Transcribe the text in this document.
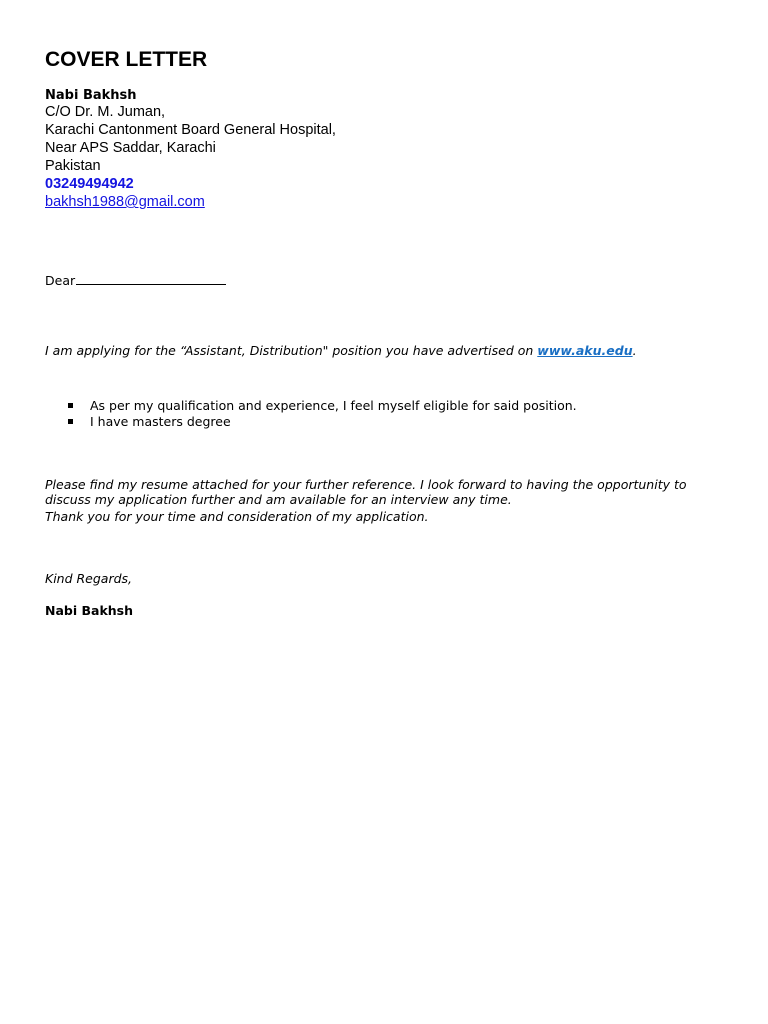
COVER LETTER
Nabi Bakhsh
C/O Dr. M. Juman,
Karachi Cantonment Board General Hospital,
Near APS Saddar, Karachi
Pakistan
03249494942
bakhsh1988@gmail.com
Dear
I am applying for the “Assistant, Distribution" position you have advertised on www.aku.edu.
As per my qualification and experience, I feel myself eligible for said position.
I have masters degree
Please find my resume attached for your further reference. I look forward to having the opportunity to
discuss my application further and am available for an interview any time.
Thank you for your time and consideration of my application.
Kind Regards,
Nabi Bakhsh
